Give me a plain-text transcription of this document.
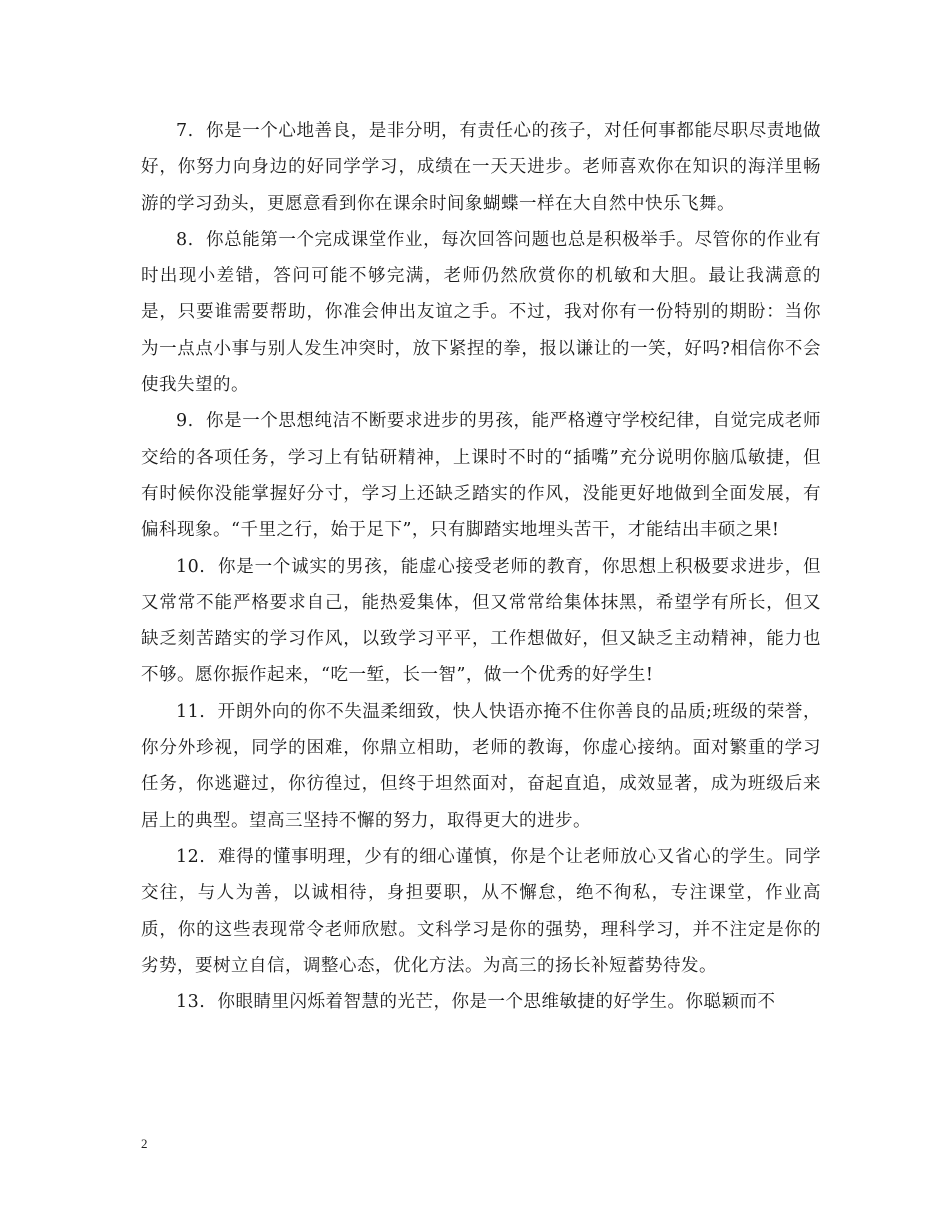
7. 你是一个心地善良，是非分明，有责任心的孩子，对任何事都能尽职尽责地做好，你努力向身边的好同学学习，成绩在一天天进步。老师喜欢你在知识的海洋里畅游的学习劲头，更愿意看到你在课余时间象蝴蝶一样在大自然中快乐飞舞。

8. 你总能第一个完成课堂作业，每次回答问题也总是积极举手。尽管你的作业有时出现小差错，答问可能不够完满，老师仍然欣赏你的机敏和大胆。最让我满意的是，只要谁需要帮助，你准会伸出友谊之手。不过，我对你有一份特别的期盼：当你为一点点小事与别人发生冲突时，放下紧捏的拳，报以谦让的一笑，好吗?相信你不会使我失望的。

9. 你是一个思想纯洁不断要求进步的男孩，能严格遵守学校纪律，自觉完成老师交给的各项任务，学习上有钻研精神，上课时不时的“插嘴”充分说明你脑瓜敏捷，但有时候你没能掌握好分寸，学习上还缺乏踏实的作风，没能更好地做到全面发展，有偏科现象。“千里之行，始于足下”，只有脚踏实地埋头苦干，才能结出丰硕之果!

10. 你是一个诚实的男孩，能虚心接受老师的教育，你思想上积极要求进步，但又常常不能严格要求自己，能热爱集体，但又常常给集体抹黑，希望学有所长，但又缺乏刻苦踏实的学习作风，以致学习平平，工作想做好，但又缺乏主动精神，能力也不够。愿你振作起来，“吃一堑，长一智”，做一个优秀的好学生!

11. 开朗外向的你不失温柔细致，快人快语亦掩不住你善良的品质;班级的荣誉，你分外珍视，同学的困难，你鼎立相助，老师的教诲，你虚心接纳。面对繁重的学习任务，你逃避过，你彷徨过，但终于坦然面对，奋起直追，成效显著，成为班级后来居上的典型。望高三坚持不懈的努力，取得更大的进步。

12. 难得的懂事明理，少有的细心谨慎，你是个让老师放心又省心的学生。同学交往，与人为善，以诚相待，身担要职，从不懈怠，绝不徇私，专注课堂，作业高质，你的这些表现常令老师欣慰。文科学习是你的强势，理科学习，并不注定是你的劣势，要树立自信，调整心态，优化方法。为高三的扬长补短蓄势待发。

13. 你眼睛里闪烁着智慧的光芒，你是一个思维敏捷的好学生。你聪颖而不

2
